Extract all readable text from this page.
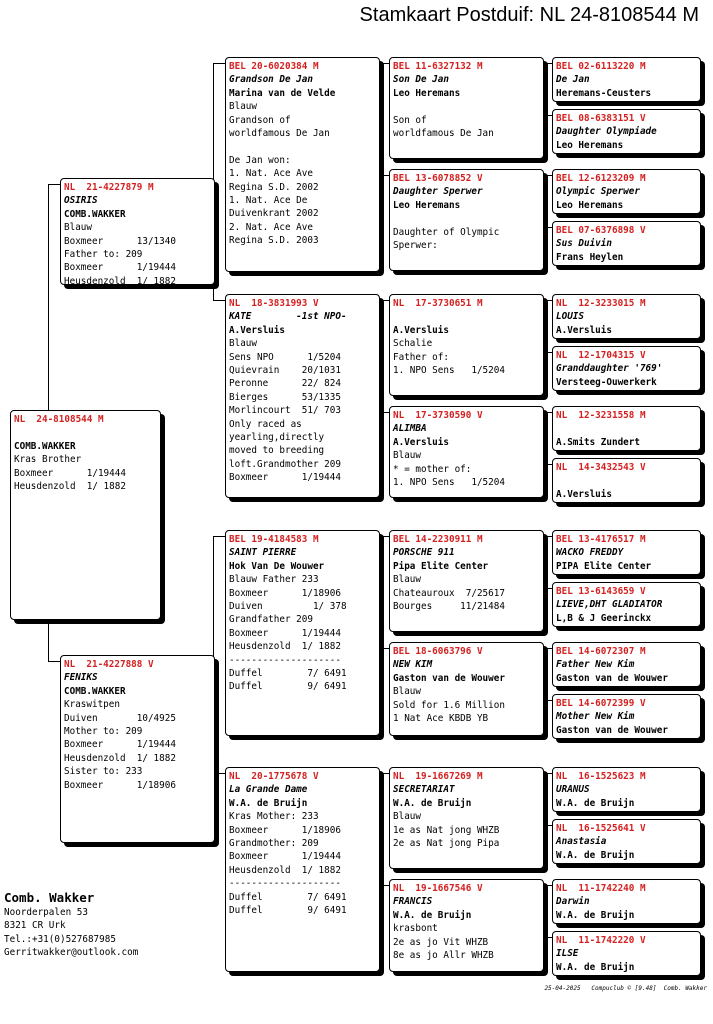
Stamkaart Postduif: NL 24-8108544 M
NL  24-8108544 M
COMB.WAKKER
Kras Brother
Boxmeer      1/19444
Heusdenzold  1/ 1882
NL  21-4227879 M
OSIRIS
COMB.WAKKER
Blauw
Boxmeer      13/1340
Father to: 209
Boxmeer      1/19444
Heusdenzold  1/ 1882
NL  21-4227888 V
FENIKS
COMB.WAKKER
Kraswitpen
Duiven       10/4925
Mother to: 209
Boxmeer      1/19444
Heusdenzold  1/ 1882
Sister to: 233
Boxmeer      1/18906
BEL 20-6020384 M
Grandson De Jan
Marina van de Velde
Blauw
Grandson of
worldfamous De Jan
De Jan won:
1. Nat. Ace Ave
Regina S.D. 2002
1. Nat. Ace De
Duivenkrant 2002
2. Nat. Ace Ave
Regina S.D. 2003
NL  18-3831993 V
KATE        -1st NPO-
A.Versluis
Blauw
Sens NPO      1/5204
Quievrain    20/1031
Peronne      22/ 824
Bierges      53/1335
Morlincourt  51/ 703
Only raced as
yearling,directly
moved to breeding
loft.Grandmother 209
Boxmeer      1/19444
BEL 19-4184583 M
SAINT PIERRE
Hok Van De Wouwer
Blauw Father 233
Boxmeer      1/18906
Duiven         1/ 378
Grandfather 209
Boxmeer      1/19444
Heusdenzold  1/ 1882
--------------------
Duffel        7/ 6491
Duffel        9/ 6491
NL  20-1775678 V
La Grande Dame
W.A. de Bruijn
Kras Mother: 233
Boxmeer      1/18906
Grandmother: 209
Boxmeer      1/19444
Heusdenzold  1/ 1882
--------------------
Duffel        7/ 6491
Duffel        9/ 6491
BEL 11-6327132 M
Son De Jan
Leo Heremans
Son of
worldfamous De Jan
BEL 13-6078852 V
Daughter Sperwer
Leo Heremans
Daughter of Olympic
Sperwer:
NL  17-3730651 M
A.Versluis
Schalie
Father of:
1. NPO Sens   1/5204
NL  17-3730590 V
ALIMBA
A.Versluis
Blauw
* = mother of:
1. NPO Sens   1/5204
BEL 14-2230911 M
PORSCHE 911
Pipa Elite Center
Blauw
Chateauroux  7/25617
Bourges     11/21484
BEL 18-6063796 V
NEW KIM
Gaston van de Wouwer
Blauw
Sold for 1.6 Million
1 Nat Ace KBDB YB
NL  19-1667269 M
SECRETARIAT
W.A. de Bruijn
Blauw
1e as Nat jong WHZB
2e as Nat jong Pipa
NL  19-1667546 V
FRANCIS
W.A. de Bruijn
krasbont
2e as jo Vit WHZB
8e as jo Allr WHZB
BEL 02-6113220 M
De Jan
Heremans-Ceusters
BEL 08-6383151 V
Daughter Olympiade
Leo Heremans
BEL 12-6123209 M
Olympic Sperwer
Leo Heremans
BEL 07-6376898 V
Sus Duivin
Frans Heylen
NL  12-3233015 M
LOUIS
A.Versluis
NL  12-1704315 V
Granddaughter '769'
Versteeg-Ouwerkerk
NL  12-3231558 M
A.Smits Zundert
NL  14-3432543 V
A.Versluis
BEL 13-4176517 M
WACKO FREDDY
PIPA Elite Center
BEL 13-6143659 V
LIEVE,DHT GLADIATOR
L,B & J Geerinckx
BEL 14-6072307 M
Father New Kim
Gaston van de Wouwer
BEL 14-6072399 V
Mother New Kim
Gaston van de Wouwer
NL  16-1525623 M
URANUS
W.A. de Bruijn
NL  16-1525641 V
Anastasia
W.A. de Bruijn
NL  11-1742240 M
Darwin
W.A. de Bruijn
NL  11-1742220 V
ILSE
W.A. de Bruijn
Comb. Wakker
Noorderpalen 53
8321 CR Urk
Tel.:+31(0)527687985
Gerritwakker@outlook.com
25-04-2025   Compuclub © [9.48]  Comb. Wakker
